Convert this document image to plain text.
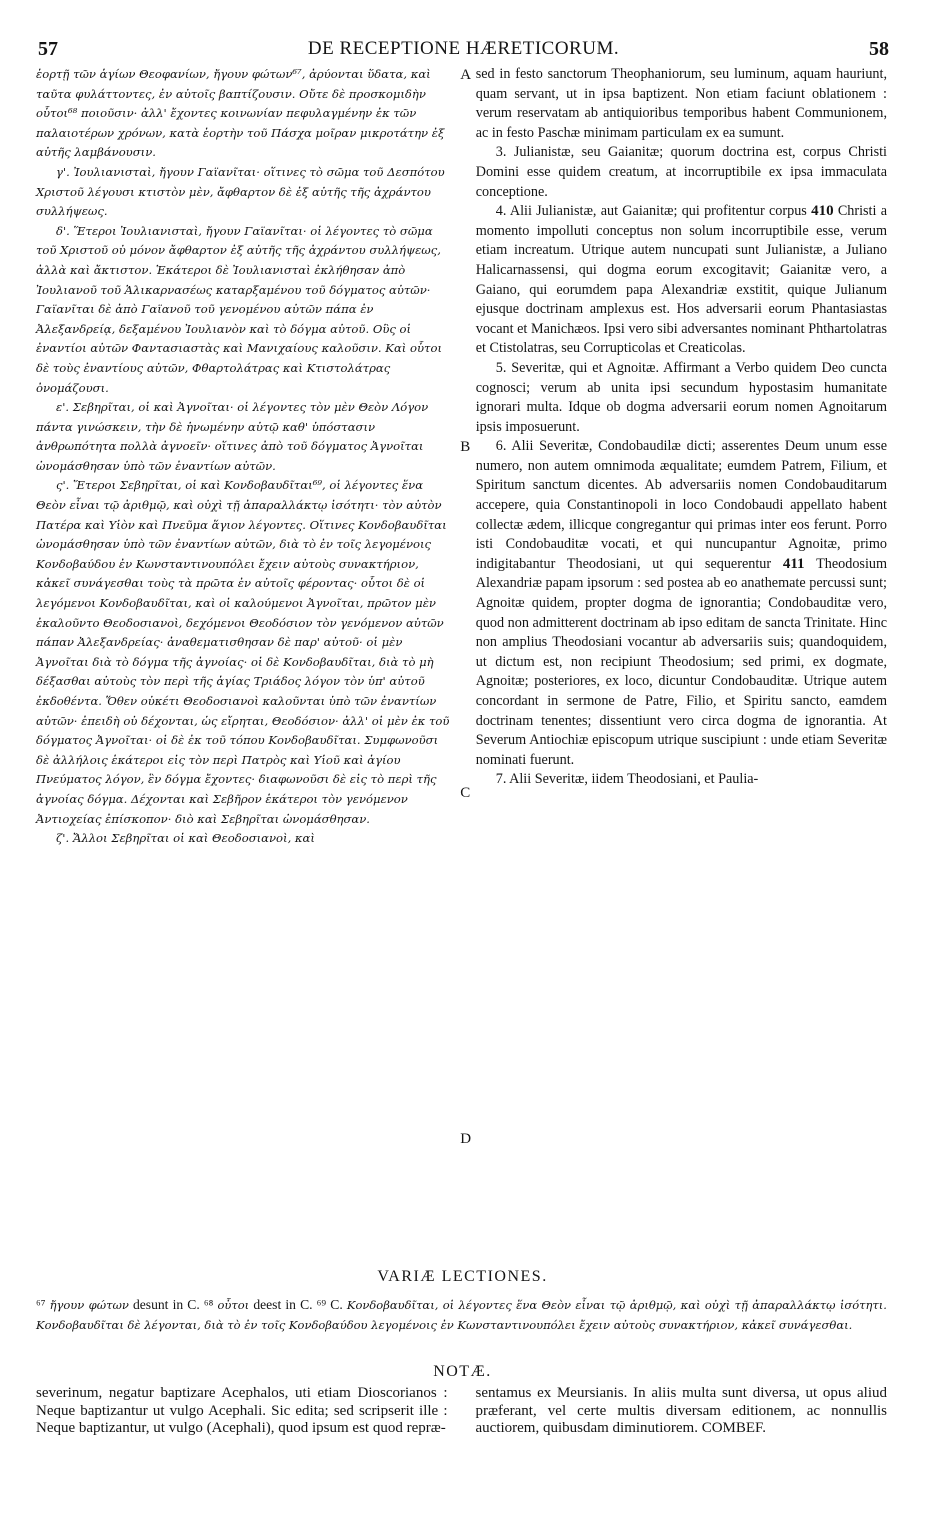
57	DE RECEPTIONE HÆRETICORUM.	58

ἑορτῇ τῶν ἁγίων Θεοφανίων, ἤγουν φώτων⁶⁷, ἀρύονται ὕδατα, καὶ ταῦτα φυλάττοντες, ἐν αὐτοῖς βαπτίζουσιν. Οὔτε δὲ προσκομιδὴν οὗτοι⁶⁸ ποιοῦσιν· ἀλλ' ἔχοντες κοινωνίαν πεφυλαγμένην ἐκ τῶν παλαιοτέρων χρόνων, κατὰ ἑορτὴν τοῦ Πάσχα μοῖραν μικροτάτην ἐξ αὐτῆς λαμβάνουσιν.

γ'. Ἰουλιανισταὶ, ἤγουν Γαϊανῖται· οἵτινες τὸ σῶμα τοῦ Δεσπότου Χριστοῦ λέγουσι κτιστὸν μὲν, ἄφθαρτον δὲ ἐξ αὐτῆς τῆς ἀχράντου συλλήψεως.

δ'. Ἕτεροι Ἰουλιανισταὶ, ἤγουν Γαϊανῖται· οἱ λέγοντες τὸ σῶμα τοῦ Χριστοῦ οὐ μόνον ἄφθαρτον ἐξ αὐτῆς τῆς ἀχράντου συλλήψεως, ἀλλὰ καὶ ἄκτιστον. Ἑκάτεροι δὲ Ἰουλιανισταὶ ἐκλήθησαν ἀπὸ Ἰουλιανοῦ τοῦ Ἁλικαρνασέως καταρξαμένου τοῦ δόγματος αὐτῶν· Γαϊανῖται δὲ ἀπὸ Γαϊανοῦ τοῦ γενομένου αὐτῶν πάπα ἐν Ἀλεξανδρείᾳ, δεξαμένου Ἰουλιανὸν καὶ τὸ δόγμα αὐτοῦ. Οὓς οἱ ἐναντίοι αὐτῶν Φαντασιαστὰς καὶ Μανιχαίους καλοῦσιν. Καὶ οὗτοι δὲ τοὺς ἐναντίους αὐτῶν, Φθαρτολάτρας καὶ Κτιστολάτρας ὀνομάζουσι.

ε'. Σεβηρῖται, οἱ καὶ Ἀγνοῖται· οἱ λέγοντες τὸν μὲν Θεὸν Λόγον πάντα γινώσκειν, τὴν δὲ ἡνωμένην αὐτῷ καθ' ὑπόστασιν ἀνθρωπότητα πολλὰ ἀγνοεῖν· οἵτινες ἀπὸ τοῦ δόγματος Ἀγνοῖται ὠνομάσθησαν ὑπὸ τῶν ἐναντίων αὐτῶν.

ς'. Ἕτεροι Σεβηρῖται, οἱ καὶ Κονδοβαυδῖται⁶⁹, οἱ λέγοντες ἕνα Θεὸν εἶναι τῷ ἀριθμῷ, καὶ οὐχὶ τῇ ἀπαραλλάκτῳ ἰσότητι· τὸν αὐτὸν Πατέρα καὶ Υἱὸν καὶ Πνεῦμα ἅγιον λέγοντες. Οἵτινες Κονδοβαυδῖται ὠνομάσθησαν ὑπὸ τῶν ἐναντίων αὐτῶν, διὰ τὸ ἐν τοῖς λεγομένοις Κονδοβαύδου ἐν Κωνσταντινουπόλει ἔχειν αὐτοὺς συνακτήριον, κἀκεῖ συνάγεσθαι τοὺς τὰ πρῶτα ἐν αὐτοῖς φέροντας· οὗτοι δὲ οἱ λεγόμενοι Κονδοβαυδῖται, καὶ οἱ καλούμενοι Ἀγνοῖται, πρῶτον μὲν ἐκαλοῦντο Θεοδοσιανοὶ, δεχόμενοι Θεοδόσιον τὸν γενόμενον αὐτῶν πάπαν Ἀλεξανδρείας· ἀναθεματισθησαν δὲ παρ' αὐτοῦ· οἱ μὲν Ἀγνοῖται διὰ τὸ δόγμα τῆς ἀγνοίας· οἱ δὲ Κονδοβαυδῖται, διὰ τὸ μὴ δέξασθαι αὐτοὺς τὸν περὶ τῆς ἁγίας Τριάδος λόγον τὸν ὑπ' αὐτοῦ ἐκδοθέντα. Ὅθεν οὐκέτι Θεοδοσιανοὶ καλοῦνται ὑπὸ τῶν ἐναντίων αὐτῶν· ἐπειδὴ οὐ δέχονται, ὡς εἴρηται, Θεοδόσιον· ἀλλ' οἱ μὲν ἐκ τοῦ δόγματος Ἀγνοῖται· οἱ δὲ ἐκ τοῦ τόπου Κονδοβαυδῖται. Συμφωνοῦσι δὲ ἀλλήλοις ἑκάτεροι εἰς τὸν περὶ Πατρὸς καὶ Υἱοῦ καὶ ἁγίου Πνεύματος λόγον, ἓν δόγμα ἔχοντες· διαφωνοῦσι δὲ εἰς τὸ περὶ τῆς ἀγνοίας δόγμα. Δέχονται καὶ Σεβῆρον ἑκάτεροι τὸν γενόμενον Ἀντιοχείας ἐπίσκοπον· διὸ καὶ Σεβηρῖται ὠνομάσθησαν.

ζ'. Ἄλλοι Σεβηρῖται οἱ καὶ Θεοδοσιανοὶ, καὶ

A
B
C
D

sed in festo sanctorum Theophaniorum, seu luminum, aquam hauriunt, quam servant, ut in ipsa baptizent. Non etiam faciunt oblationem : verum reservatam ab antiquioribus temporibus habent Communionem, ac in festo Paschæ minimam particulam ex ea sumunt.

3. Julianistæ, seu Gaianitæ; quorum doctrina est, corpus Christi Domini esse quidem creatum, at incorruptibile ex ipsa immaculata conceptione.

4. Alii Julianistæ, aut Gaianitæ; qui profitentur corpus 410 Christi a momento impolluti conceptus non solum incorruptibile esse, verum etiam increatum. Utrique autem nuncupati sunt Julianistæ, a Juliano Halicarnassensi, qui dogma eorum excogitavit; Gaianitæ vero, a Gaiano, qui eorumdem papa Alexandriæ exstitit, quique Julianum ejusque doctrinam amplexus est. Hos adversarii eorum Phantasiastas vocant et Manichæos. Ipsi vero sibi adversantes nominant Phthartolatras et Ctistolatras, seu Corrupticolas et Creaticolas.

5. Severitæ, qui et Agnoitæ. Affirmant a Verbo quidem Deo cuncta cognosci; verum ab unita ipsi secundum hypostasim humanitate ignorari multa. Idque ob dogma adversarii eorum nomen Agnoitarum ipsis imposuerunt.

6. Alii Severitæ, Condobaudilæ dicti; asserentes Deum unum esse numero, non autem omnimoda æqualitate; eumdem Patrem, Filium, et Spiritum sanctum dicentes. Ab adversariis nomen Condobauditarum accepere, quia Constantinopoli in loco Condobaudi appellato habent collectæ ædem, illicque congregantur qui primas inter eos ferunt. Porro isti Condobauditæ vocati, et qui nuncupantur Agnoitæ, primo indigitabantur Theodosiani, ut qui sequerentur 411 Theodosium Alexandriæ papam ipsorum : sed postea ab eo anathemate percussi sunt; Agnoitæ quidem, propter dogma de ignorantia; Condobauditæ vero, quod non admitterent doctrinam ab ipso editam de sancta Trinitate. Hinc non amplius Theodosiani vocantur ab adversariis suis; quandoquidem, ut dictum est, non recipiunt Theodosium; sed primi, ex dogmate, Agnoitæ; posteriores, ex loco, dicuntur Condobauditæ. Utrique autem concordant in sermone de Patre, Filio, et Spiritu sancto, eamdem doctrinam tenentes; dissentiunt vero circa dogma de ignorantia. At Severum Antiochiæ episcopum utrique suscipiunt : unde etiam Severitæ nominati fuerunt.

7. Alii Severitæ, iidem Theodosiani, et Paulia-

VARIÆ LECTIONES.
⁶⁷ ἤγουν φώτων desunt in C. ⁶⁸ οὗτοι deest in C. ⁶⁹ C. Κονδοβαυδῖται, οἱ λέγοντες ἕνα Θεὸν εἶναι τῷ ἀριθμῷ, καὶ οὐχὶ τῇ ἀπαραλλάκτῳ ἰσότητι. Κονδοβαυδῖται δὲ λέγονται, διὰ τὸ ἐν τοῖς Κονδοβαύδου λεγομένοις ἐν Κωνσταντινουπόλει ἔχειν αὐτοὺς συνακτήριον, κἀκεῖ συνάγεσθαι.
NOTÆ.
severinum, negatur baptizare Acephalos, uti etiam Dioscorianos : Neque baptizantur ut vulgo Acephali. Sic edita; sed scripserit ille : Neque baptizantur, ut vulgo (Acephali), quod ipsum est quod repræ-
sentamus ex Meursianis. In aliis multa sunt diversa, ut opus aliud præferant, vel certe multis diversam editionem, ac nonnullis auctiorem, quibusdam diminutiorem. COMBEF.
